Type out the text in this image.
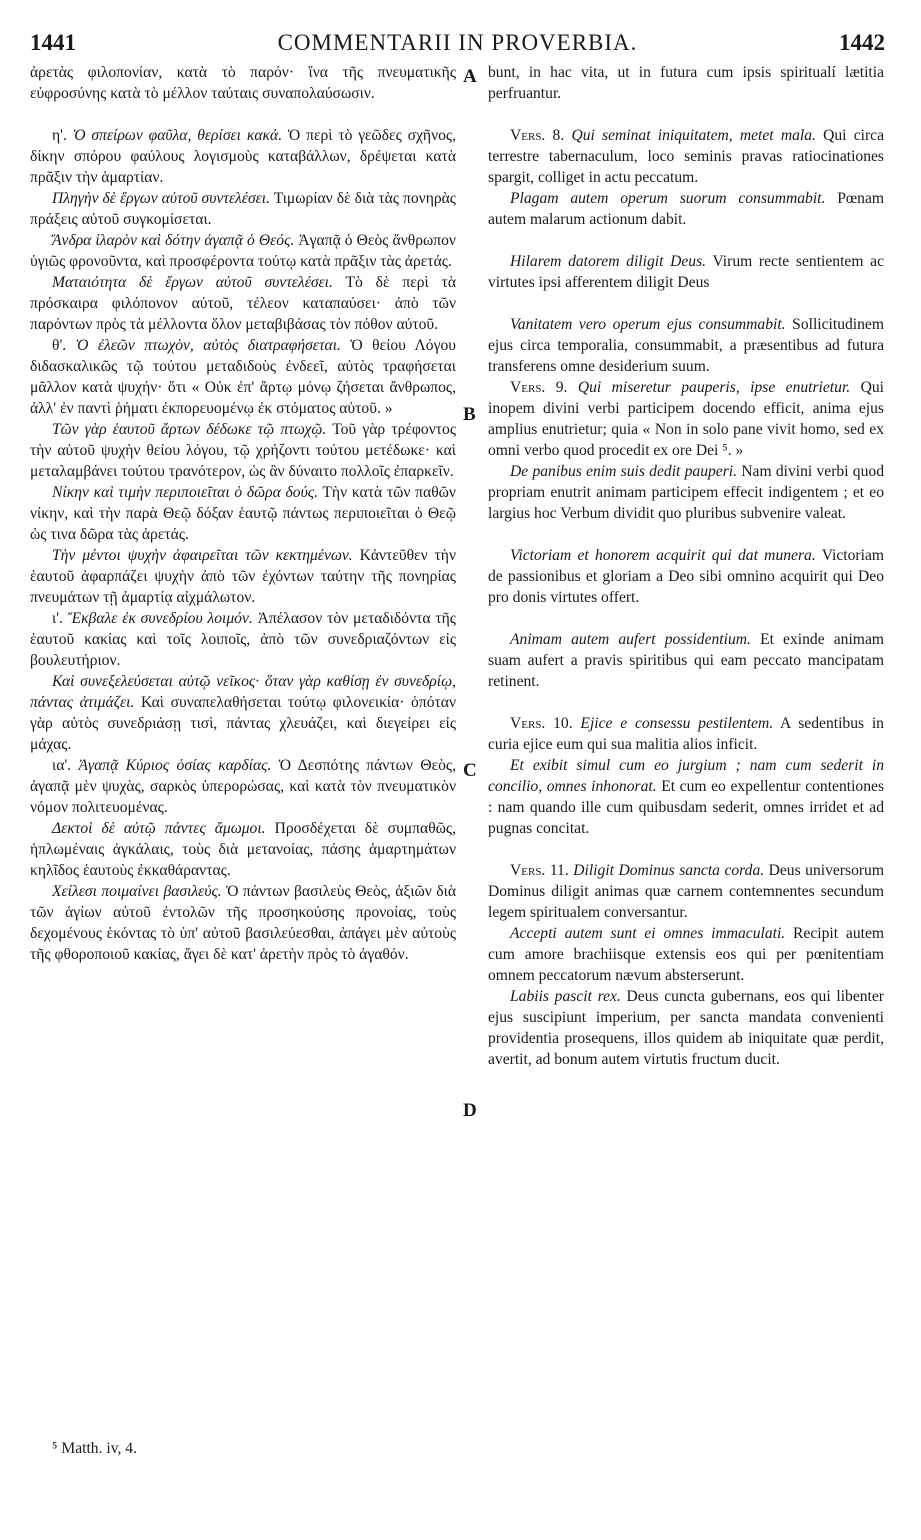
1441	COMMENTARII IN PROVERBIA.	1442

ἀρετὰς φιλοπονίαν, κατὰ τὸ παρόν· ἵνα τῆς πνευματικῆς εὐφροσύνης κατὰ τὸ μέλλον ταύταις συναπολαύσωσιν.

η'. Ὁ σπείρων φαῦλα, θερίσει κακά. Ὁ περὶ τὸ γεῶδες σχῆνος, δίκην σπόρου φαύλους λογισμοὺς καταβάλλων, δρέψεται κατὰ πρᾶξιν τὴν ἁμαρτίαν.

Πληγὴν δὲ ἔργων αὐτοῦ συντελέσει. Τιμωρίαν δὲ διὰ τὰς πονηρὰς πράξεις αὐτοῦ συγκομίσεται.

Ἄνδρα ἱλαρὸν καὶ δότην ἀγαπᾷ ὁ Θεός. Ἀγαπᾷ ὁ Θεὸς ἄνθρωπον ὑγιῶς φρονοῦντα, καὶ προσφέροντα τούτῳ κατὰ πρᾶξιν τὰς ἀρετάς.

Ματαιότητα δὲ ἔργων αὐτοῦ συντελέσει. Τὸ δὲ περὶ τὰ πρόσκαιρα φιλόπονον αὐτοῦ, τέλεον καταπαύσει· ἀπὸ τῶν παρόντων πρὸς τὰ μέλλοντα ὅλον μεταβιβάσας τὸν πόθον αὐτοῦ.

θ'. Ὁ ἐλεῶν πτωχὸν, αὐτὸς διατραφήσεται. Ὁ θείου Λόγου διδασκαλικῶς τῷ τούτου μεταδιδοὺς ἐνδεεῖ, αὐτὸς τραφήσεται μᾶλλον κατὰ ψυχήν· ὅτι « Οὐκ ἐπ' ἄρτῳ μόνῳ ζήσεται ἄνθρωπος, ἀλλ' ἐν παντὶ ῥήματι ἐκπορευομένῳ ἐκ στόματος αὐτοῦ. »

Τῶν γὰρ ἑαυτοῦ ἄρτων δέδωκε τῷ πτωχῷ. Τοῦ γὰρ τρέφοντος τὴν αὐτοῦ ψυχὴν θείου λόγου, τῷ χρήζοντι τούτου μετέδωκε· καὶ μεταλαμβάνει τούτου τρανότερον, ὡς ἂν δύναιτο πολλοῖς ἐπαρκεῖν.

Νίκην καὶ τιμὴν περιποιεῖται ὁ δῶρα δούς. Τὴν κατὰ τῶν παθῶν νίκην, καὶ τὴν παρὰ Θεῷ δόξαν ἑαυτῷ πάντως περιποιεῖται ὁ Θεῷ ὡς τινα δῶρα τὰς ἀρετάς.

Τὴν μέντοι ψυχὴν ἀφαιρεῖται τῶν κεκτημένων. Κἀντεῦθεν τὴν ἑαυτοῦ ἀφαρπάζει ψυχὴν ἀπὸ τῶν ἐχόντων ταύτην τῆς πονηρίας πνευμάτων τῇ ἁμαρτίᾳ αἰχμάλωτον.

ι'. Ἔκβαλε ἐκ συνεδρίου λοιμόν. Ἀπέλασον τὸν μεταδιδόντα τῆς ἑαυτοῦ κακίας καὶ τοῖς λοιποῖς, ἀπὸ τῶν συνεδριαζόντων εἰς βουλευτήριον.

Καὶ συνεξελεύσεται αὐτῷ νεῖκος· ὅταν γὰρ καθίσῃ ἐν συνεδρίῳ, πάντας ἀτιμάζει. Καὶ συναπελαθήσεται τούτῳ φιλονεικία· ὁπόταν γὰρ αὐτὸς συνεδριάσῃ τισὶ, πάντας χλευάζει, καὶ διεγείρει εἰς μάχας.

ια'. Ἀγαπᾷ Κύριος ὁσίας καρδίας. Ὁ Δεσπότης πάντων Θεὸς, ἀγαπᾷ μὲν ψυχὰς, σαρκὸς ὑπερορώσας, καὶ κατὰ τὸν πνευματικὸν νόμον πολιτευομένας.

Δεκτοὶ δὲ αὐτῷ πάντες ἄμωμοι. Προσδέχεται δὲ συμπαθῶς, ἡπλωμέναις ἀγκάλαις, τοὺς διὰ μετανοίας, πάσης ἁμαρτημάτων κηλῖδος ἑαυτοὺς ἐκκαθάραντας.

Χείλεσι ποιμαίνει βασιλεύς. Ὁ πάντων βασιλεὺς Θεὸς, ἀξιῶν διὰ τῶν ἁγίων αὐτοῦ ἐντολῶν τῆς προσηκούσης προνοίας, τοὺς δεχομένους ἑκόντας τὸ ὑπ' αὐτοῦ βασιλεύεσθαι, ἀπάγει μὲν αὐτοὺς τῆς φθοροποιοῦ κακίας, ἄγει δὲ κατ' ἀρετὴν πρὸς τὸ ἀγαθόν.

bunt, in hac vita, ut in futura cum ipsis spiritualí lætitia perfruantur.

Vers. 8. Qui seminat iniquitatem, metet mala. Qui circa terrestre tabernaculum, loco seminis pravas ratiocinationes spargit, colliget in actu peccatum.

Plagam autem operum suorum consummabit. Pœnam autem malarum actionum dabit.

Hilarem datorem diligit Deus. Virum recte sentientem ac virtutes ipsi afferentem diligit Deus

Vanitatem vero operum ejus consummabit. Sollicitudinem ejus circa temporalia, consummabit, a præsentibus ad futura transferens omne desiderium suum.

Vers. 9. Qui miseretur pauperis, ipse enutrietur. Qui inopem divini verbi participem docendo efficit, anima ejus amplius enutrietur; quia « Non in solo pane vivit homo, sed ex omni verbo quod procedit ex ore Dei ⁵. »

De panibus enim suis dedit pauperi. Nam divini verbi quod propriam enutrit animam participem effecit indigentem ; et eo largius hoc Verbum dividit quo pluribus subvenire valeat.

Victoriam et honorem acquirit qui dat munera. Victoriam de passionibus et gloriam a Deo sibi omnino acquirit qui Deo pro donis virtutes offert.

Animam autem aufert possidentium. Et exinde animam suam aufert a pravis spiritibus qui eam peccato mancipatam retinent.

Vers. 10. Ejice e consessu pestilentem. A sedentibus in curia ejice eum qui sua malitia alios inficit.

Et exibit simul cum eo jurgium ; nam cum sederit in concilio, omnes inhonorat. Et cum eo expellentur contentiones : nam quando ille cum quibusdam sederit, omnes irridet et ad pugnas concitat.

Vers. 11. Diligit Dominus sancta corda. Deus universorum Dominus diligit animas quæ carnem contemnentes secundum legem spiritualem conversantur.

Accepti autem sunt ei omnes immaculati. Recipit autem cum amore brachiisque extensis eos qui per pœnitentiam omnem peccatorum nævum absterserunt.

Labiis pascit rex. Deus cuncta gubernans, eos qui libenter ejus suscipiunt imperium, per sancta mandata convenienti providentia prosequens, illos quidem ab iniquitate quæ perdit, avertit, ad bonum autem virtutis fructum ducit.

A
B
C
D
⁵ Matth. iv, 4.
